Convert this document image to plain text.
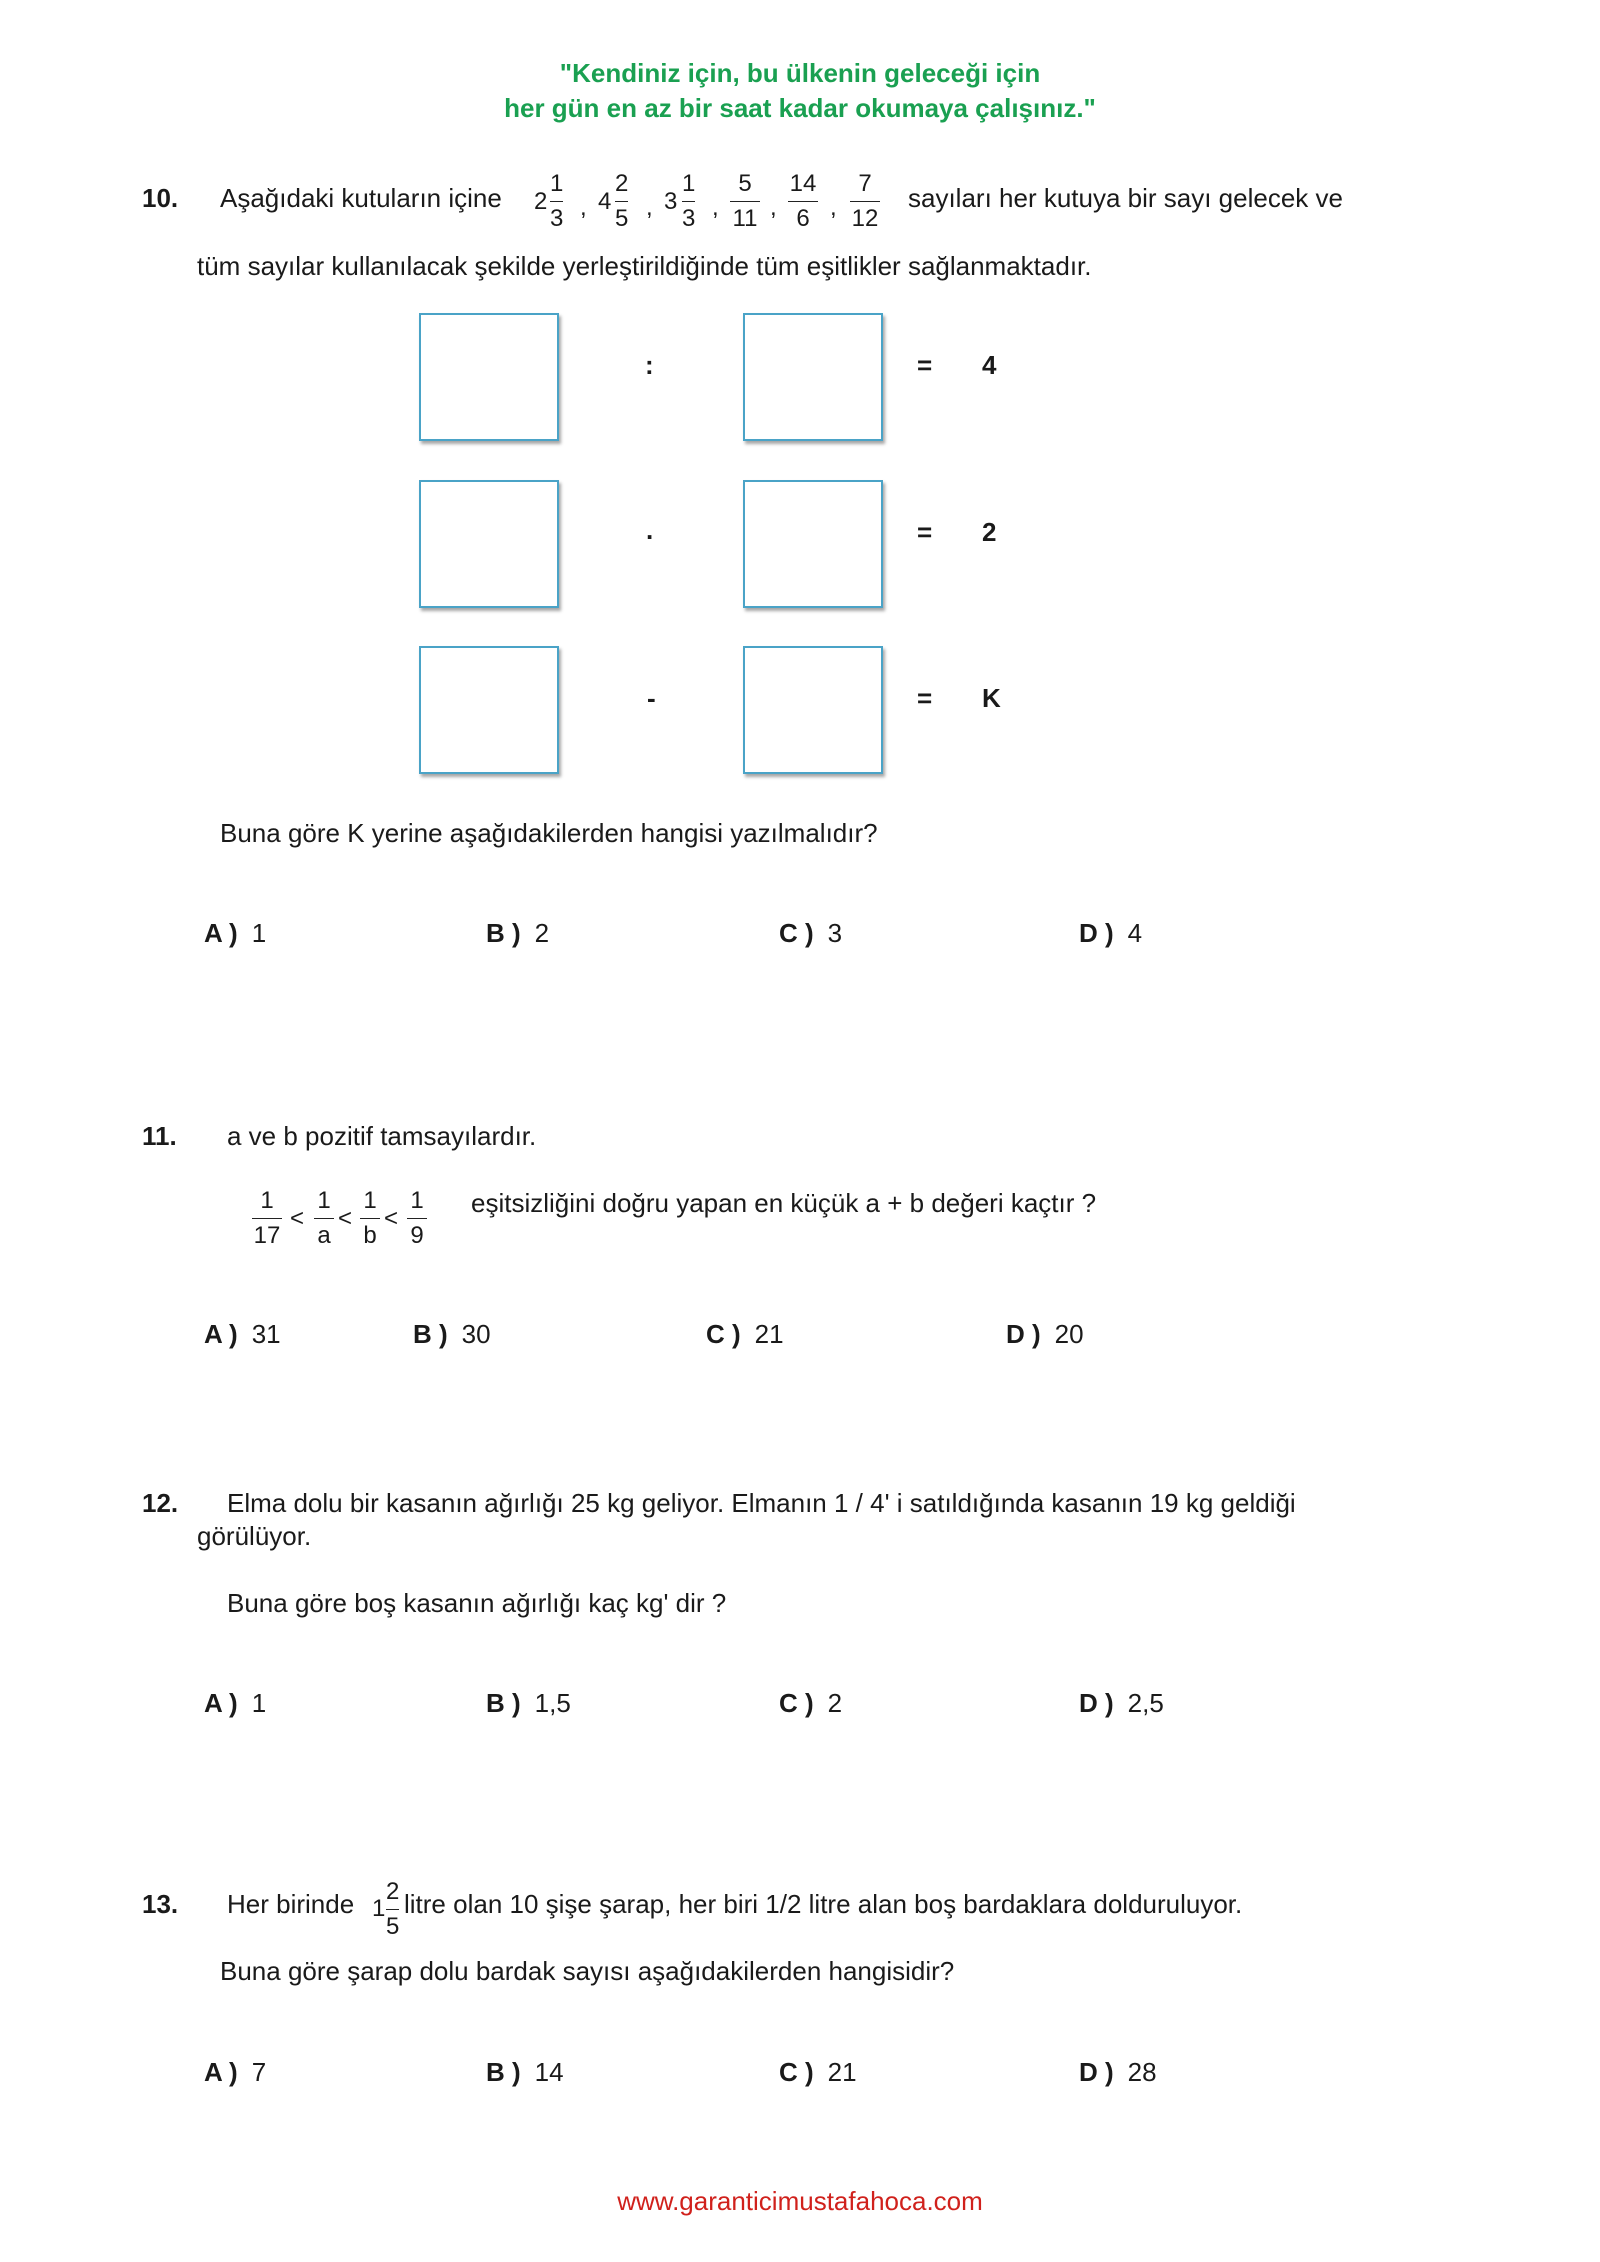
"Kendiniz için, bu ülkenin geleceği için
her gün en az bir saat kadar okumaya çalışınız."
10. Aşağıdaki kutuların içine 2
1
3 , 4
2
5 , 3
1
3 ,
5
11 ,
14
6 ,
7
12
sayıları her kutuya bir sayı gelecek ve
tüm sayılar kullanılacak şekilde yerleştirildiğinde tüm eşitlikler sağlanmaktadır.
:	= 4
.	= 2
-	= K
Buna göre K yerine aşağıdakilerden hangisi yazılmalıdır?
A ) 1	B ) 2	C ) 3	D ) 4
11. a ve b pozitif tamsayılardır.
1
17
<
1
a
<
1
b
<
1
9
eşitsizliğini doğru yapan en küçük a + b değeri kaçtır ?
A ) 31	B ) 30	C ) 21	D ) 20
12. Elma dolu bir kasanın ağırlığı 25 kg geliyor. Elmanın 1 / 4' i satıldığında kasanın 19 kg geldiği
görülüyor.
Buna göre boş kasanın ağırlığı kaç kg' dir ?
A ) 1	B ) 1,5	C ) 2	D ) 2,5
13. Her birinde 1
2
5
litre olan 10 şişe şarap, her biri 1/2 litre alan boş bardaklara dolduruluyor.
Buna göre şarap dolu bardak sayısı aşağıdakilerden hangisidir?
A ) 7	B ) 14	C ) 21	D ) 28
www.garanticimustafahoca.com
